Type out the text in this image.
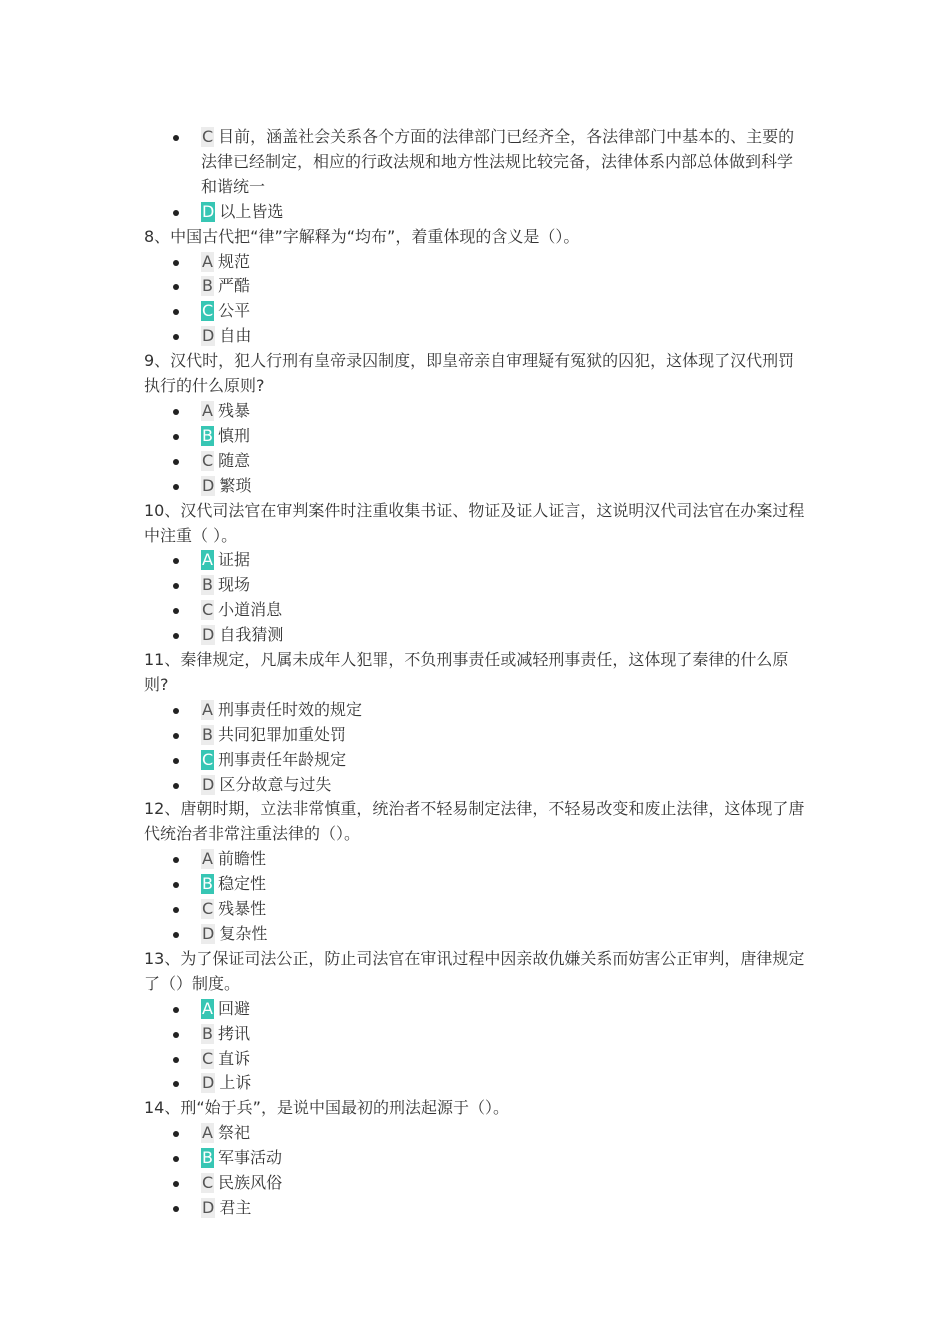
C 目前，涵盖社会关系各个方面的法律部门已经齐全，各法律部门中基本的、主要的法律已经制定，相应的行政法规和地方性法规比较完备，法律体系内部总体做到科学和谐统一
D 以上皆选

8、中国古代把“律”字解释为“均布”，着重体现的含义是（）。

A 规范
B 严酷
C 公平
D 自由

9、汉代时，犯人行刑有皇帝录囚制度，即皇帝亲自审理疑有冤狱的囚犯，这体现了汉代刑罚执行的什么原则?

A 残暴
B 慎刑
C 随意
D 繁琐

10、汉代司法官在审判案件时注重收集书证、物证及证人证言，这说明汉代司法官在办案过程中注重（ ）。

A 证据
B 现场
C 小道消息
D 自我猜测

11、秦律规定，凡属未成年人犯罪，不负刑事责任或减轻刑事责任，这体现了秦律的什么原则?

A 刑事责任时效的规定
B 共同犯罪加重处罚
C 刑事责任年龄规定
D 区分故意与过失

12、唐朝时期，立法非常慎重，统治者不轻易制定法律，不轻易改变和废止法律，这体现了唐代统治者非常注重法律的（）。

A 前瞻性
B 稳定性
C 残暴性
D 复杂性

13、为了保证司法公正，防止司法官在审讯过程中因亲故仇嫌关系而妨害公正审判，唐律规定了（）制度。

A 回避
B 拷讯
C 直诉
D 上诉

14、刑“始于兵”，是说中国最初的刑法起源于（）。

A 祭祀
B 军事活动
C 民族风俗
D 君主
